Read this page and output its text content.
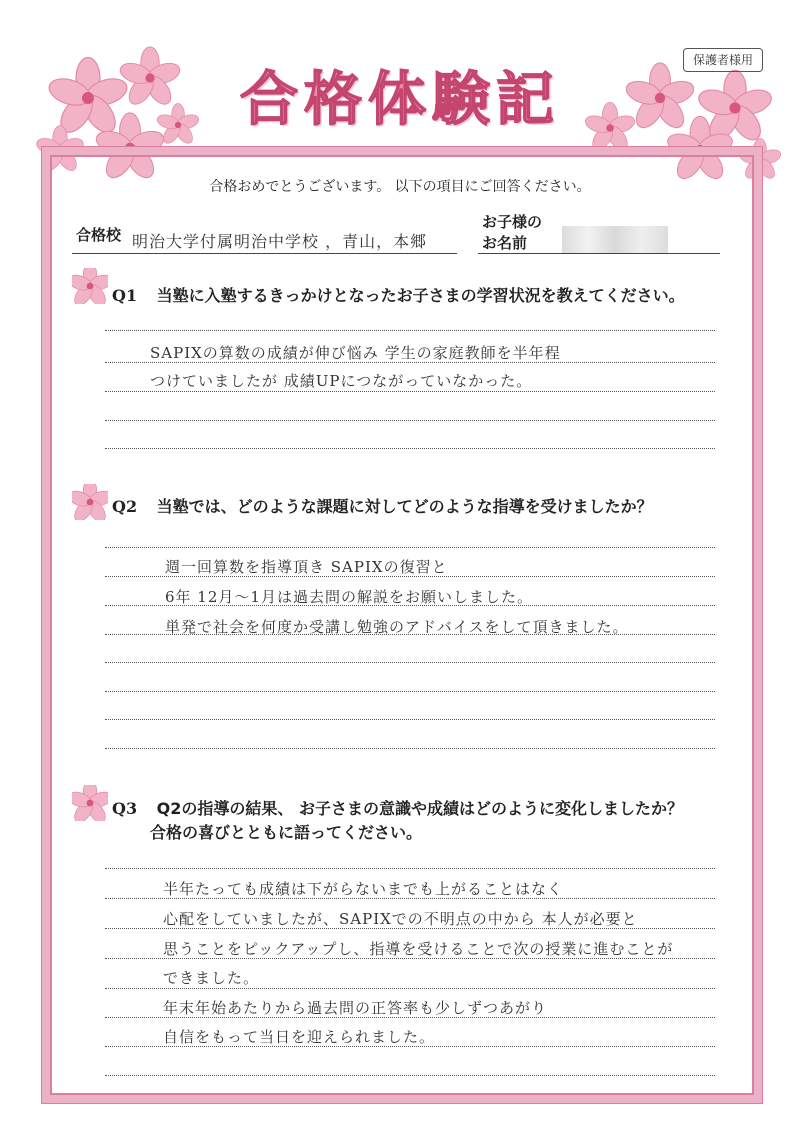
保護者様用
合格体験記
合格おめでとうございます。 以下の項目にご回答ください。
合格校 明治大学付属明治中学校 ，青山，本郷
お子様の
お名前
Q1 当塾に入塾するきっかけとなったお子さまの学習状況を教えてください。
SAPIXの算数の成績が伸び悩み 学生の家庭教師を半年程
つけていましたが 成績UPにつながっていなかった。
Q2 当塾では、どのような課題に対してどのような指導を受けましたか？
週一回算数を指導頂き SAPIXの復習と
6年 12月～1月は過去問の解説をお願いしました。
単発で社会を何度か受講し勉強のアドバイスをして頂きました。
Q3 Q2の指導の結果、 お子さまの意識や成績はどのように変化しましたか？
合格の喜びとともに語ってください。
半年たっても成績は下がらないまでも上がることはなく
心配をしていましたが、SAPIXでの不明点の中から 本人が必要と
思うことをピックアップし、指導を受けることで次の授業に進むことが
できました。
年末年始あたりから過去問の正答率も少しずつあがり
自信をもって当日を迎えられました。
